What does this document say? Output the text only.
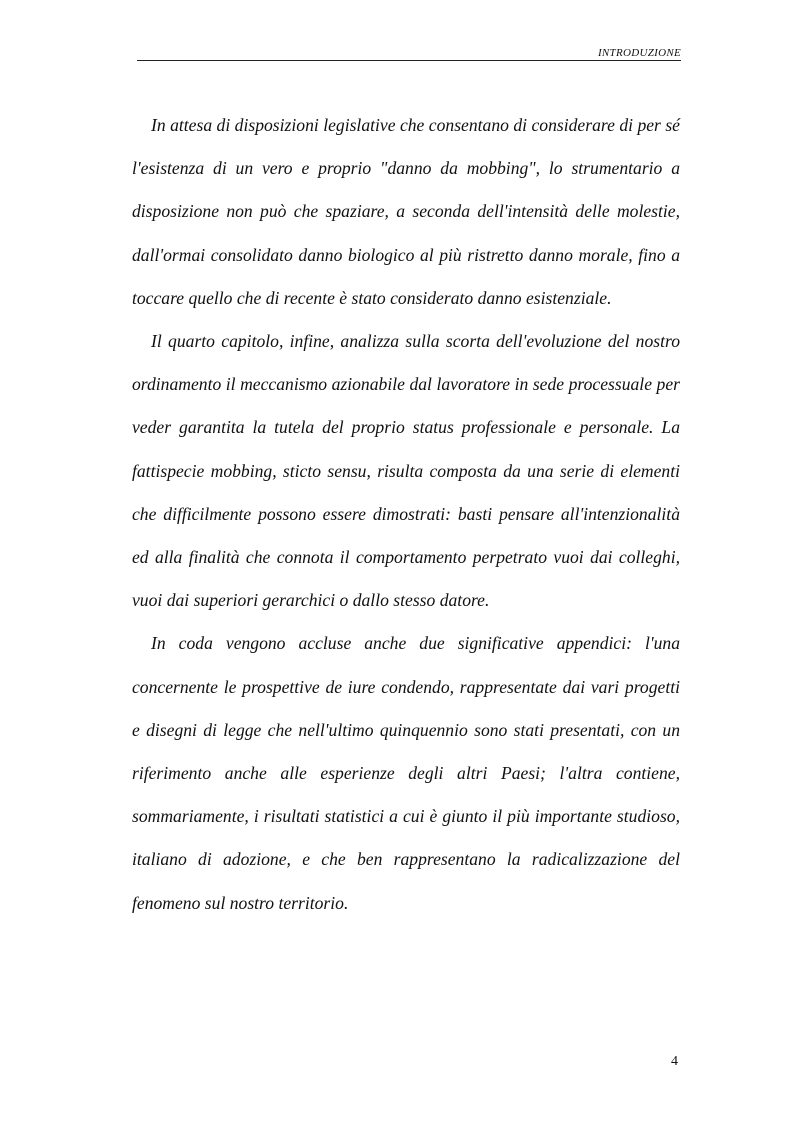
INTRODUZIONE

In attesa di disposizioni legislative che consentano di considerare di per sé l'esistenza di un vero e proprio "danno da mobbing", lo strumentario a disposizione non può che spaziare, a seconda dell'intensità delle molestie, dall'ormai consolidato danno biologico al più ristretto danno morale, fino a toccare quello che di recente è stato considerato danno esistenziale.

Il quarto capitolo, infine, analizza sulla scorta dell'evoluzione del nostro ordinamento il meccanismo azionabile dal lavoratore in sede processuale per veder garantita la tutela del proprio status professionale e personale. La fattispecie mobbing, sticto sensu, risulta composta da una serie di elementi che difficilmente possono essere dimostrati: basti pensare all'intenzionalità ed alla finalità che connota il comportamento perpetrato vuoi dai colleghi, vuoi dai superiori gerarchici o dallo stesso datore.

In coda vengono accluse anche due significative appendici: l'una concernente le prospettive de iure condendo, rappresentate dai vari progetti e disegni di legge che nell'ultimo quinquennio sono stati presentati, con un riferimento anche alle esperienze degli altri Paesi; l'altra contiene, sommariamente, i risultati statistici a cui è giunto il più importante studioso, italiano di adozione, e che ben rappresentano la radicalizzazione del fenomeno sul nostro territorio.

4
